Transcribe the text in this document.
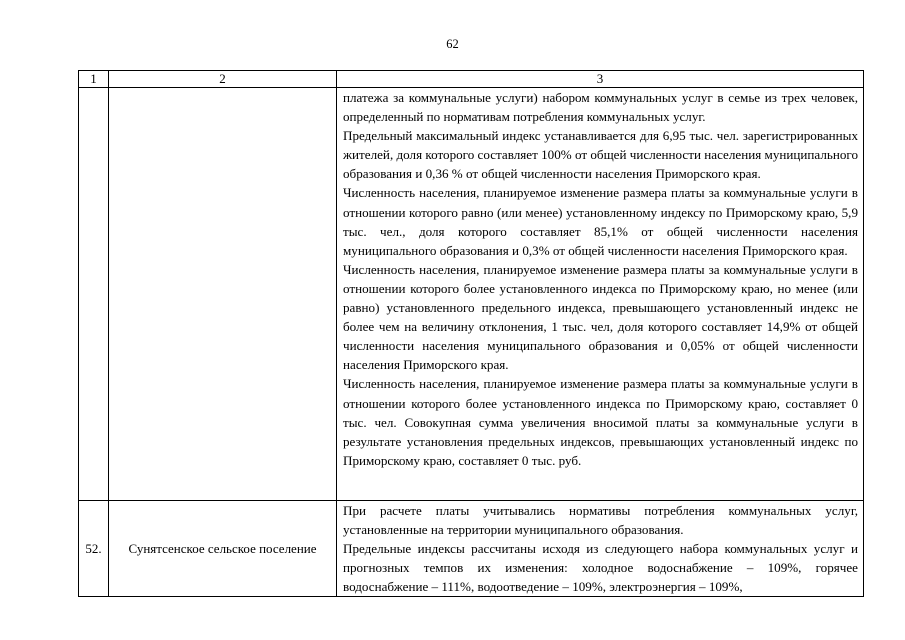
62
1	2	3

		платежа за коммунальные услуги) набором коммунальных услуг в семье из трех человек, определенный по нормативам потребления коммунальных услуг.

Предельный максимальный индекс устанавливается для 6,95 тыс. чел. зарегистрированных жителей, доля которого составляет 100% от общей численности населения муниципального образования и 0,36 % от общей численности населения Приморского края.

Численность населения, планируемое изменение размера платы за коммунальные услуги в отношении которого равно (или менее) установленному индексу по Приморскому краю, 5,9 тыс. чел., доля которого составляет 85,1% от общей численности населения муниципального образования и 0,3% от общей численности населения Приморского края.

Численность населения, планируемое изменение размера платы за коммунальные услуги в отношении которого более установленного индекса по Приморскому краю, но менее (или равно) установленного предельного индекса, превышающего установленный индекс не более чем на величину отклонения, 1 тыс. чел, доля которого составляет 14,9% от общей численности населения муниципального образования и 0,05% от общей численности населения Приморского края.

Численность населения, планируемое изменение размера платы за коммунальные услуги в отношении которого более установленного индекса по Приморскому краю, составляет 0 тыс. чел. Совокупная сумма увеличения вносимой платы за коммунальные услуги в результате установления предельных индексов, превышающих установленный индекс по Приморскому краю, составляет 0 тыс. руб.

52.	Сунятсенское сельское поселение	При расчете платы учитывались нормативы потребления коммунальных услуг, установленные на территории муниципального образования.

Предельные индексы рассчитаны исходя из следующего набора коммунальных услуг и прогнозных темпов их изменения: холодное водоснабжение – 109%, горячее водоснабжение – 111%, водоотведение – 109%, электроэнергия – 109%,
